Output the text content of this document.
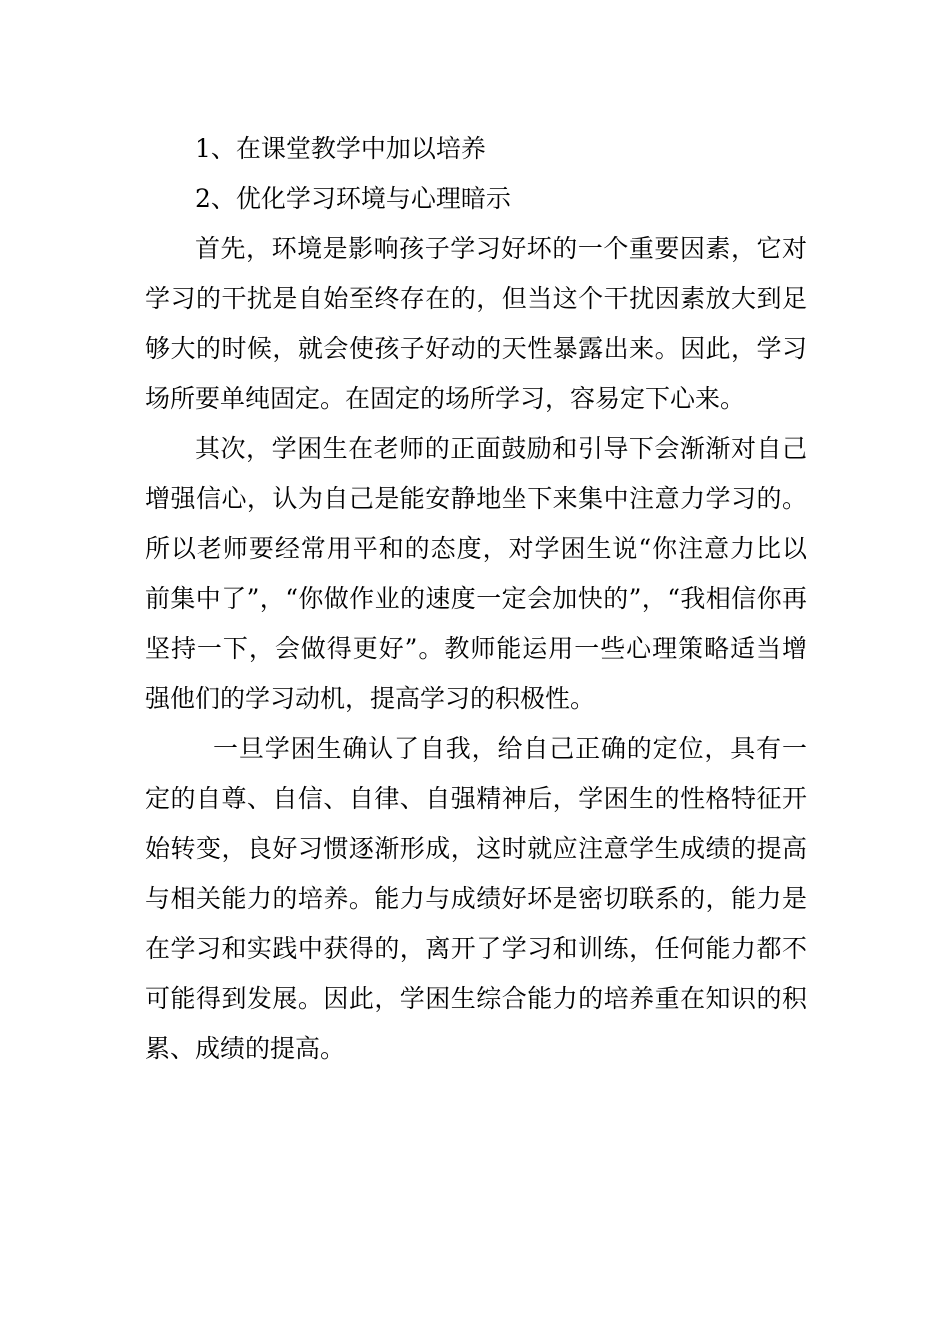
1、在课堂教学中加以培养

2、优化学习环境与心理暗示

首先，环境是影响孩子学习好坏的一个重要因素，它对学习的干扰是自始至终存在的，但当这个干扰因素放大到足够大的时候，就会使孩子好动的天性暴露出来。因此，学习场所要单纯固定。在固定的场所学习，容易定下心来。

其次，学困生在老师的正面鼓励和引导下会渐渐对自己增强信心，认为自己是能安静地坐下来集中注意力学习的。所以老师要经常用平和的态度，对学困生说“你注意力比以前集中了”，“你做作业的速度一定会加快的”，“我相信你再坚持一下，会做得更好”。教师能运用一些心理策略适当增强他们的学习动机，提高学习的积极性。

一旦学困生确认了自我，给自己正确的定位，具有一定的自尊、自信、自律、自强精神后，学困生的性格特征开始转变，良好习惯逐渐形成，这时就应注意学生成绩的提高与相关能力的培养。能力与成绩好坏是密切联系的，能力是在学习和实践中获得的，离开了学习和训练，任何能力都不可能得到发展。因此，学困生综合能力的培养重在知识的积累、成绩的提高。
